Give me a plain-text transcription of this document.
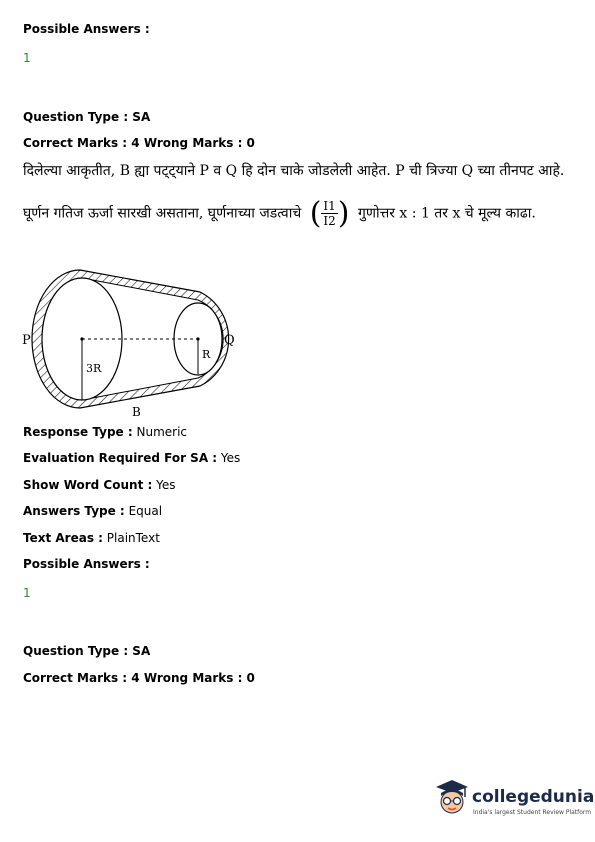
Possible Answers :
1
Question Type : SA
Correct Marks : 4 Wrong Marks : 0
दिलेल्या आकृतीत, B ह्या पट्ट्याने P व Q हि दोन चाके जोडलेली आहेत. P ची त्रिज्या Q च्या तीनपट आहे.
घूर्णन गतिज ऊर्जा सारखी असताना, घूर्णनाच्या जडत्वाचे ( $\frac{I1}{I2}$ ) गुणोत्तर x : 1 तर x चे मूल्य काढा.
P	Q
3R
R
B
Response Type : Numeric
Evaluation Required For SA : Yes
Show Word Count : Yes
Answers Type : Equal
Text Areas : PlainText
Possible Answers :
1
Question Type : SA
Correct Marks : 4 Wrong Marks : 0
collegedunia
India's largest Student Review Platform
